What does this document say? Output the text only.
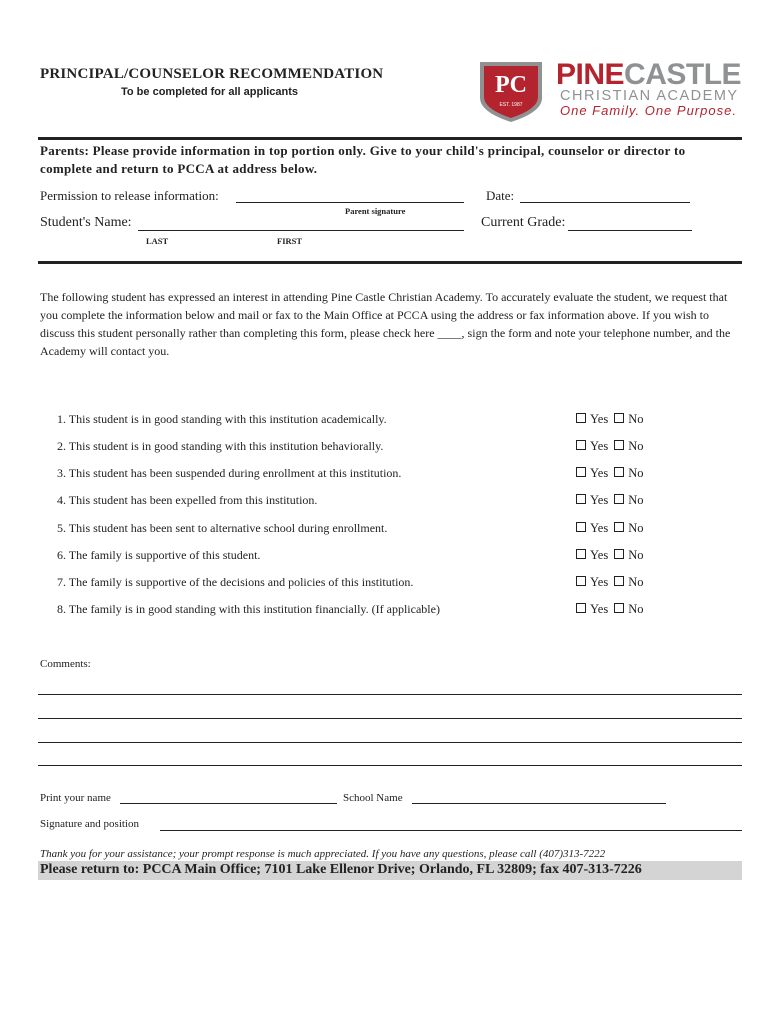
PRINCIPAL/COUNSELOR RECOMMENDATION
To be completed for all applicants	PC
EST. 1987
PINECASTLE
CHRISTIAN ACADEMY
One Family. One Purpose.
Parents: Please provide information in top portion only. Give to your child's principal, counselor or director to complete and return to PCCA at address below.
Permission to release information:
Parent signature
Date:
Student's Name:
LAST	FIRST
Current Grade:
The following student has expressed an interest in attending Pine Castle Christian Academy. To accurately evaluate the student, we request that you complete the information below and mail or fax to the Main Office at PCCA using the address or fax information above. If you wish to discuss this student personally rather than completing this form, please check here ____, sign the form and note your telephone number, and the Academy will contact you.
1. This student is in good standing with this institution academically.	Yes No
2. This student is in good standing with this institution behaviorally.	Yes No
3. This student has been suspended during enrollment at this institution.	Yes No
4. This student has been expelled from this institution.	Yes No
5. This student has been sent to alternative school during enrollment.	Yes No
6. The family is supportive of this student.	Yes No
7. The family is supportive of the decisions and policies of this institution.	Yes No
8. The family is in good standing with this institution financially. (If applicable)	Yes No
Comments:
Print your name	School Name
Signature and position
Thank you for your assistance; your prompt response is much appreciated. If you have any questions, please call (407)313-7222
Please return to: PCCA Main Office; 7101 Lake Ellenor Drive; Orlando, FL 32809; fax 407-313-7226
